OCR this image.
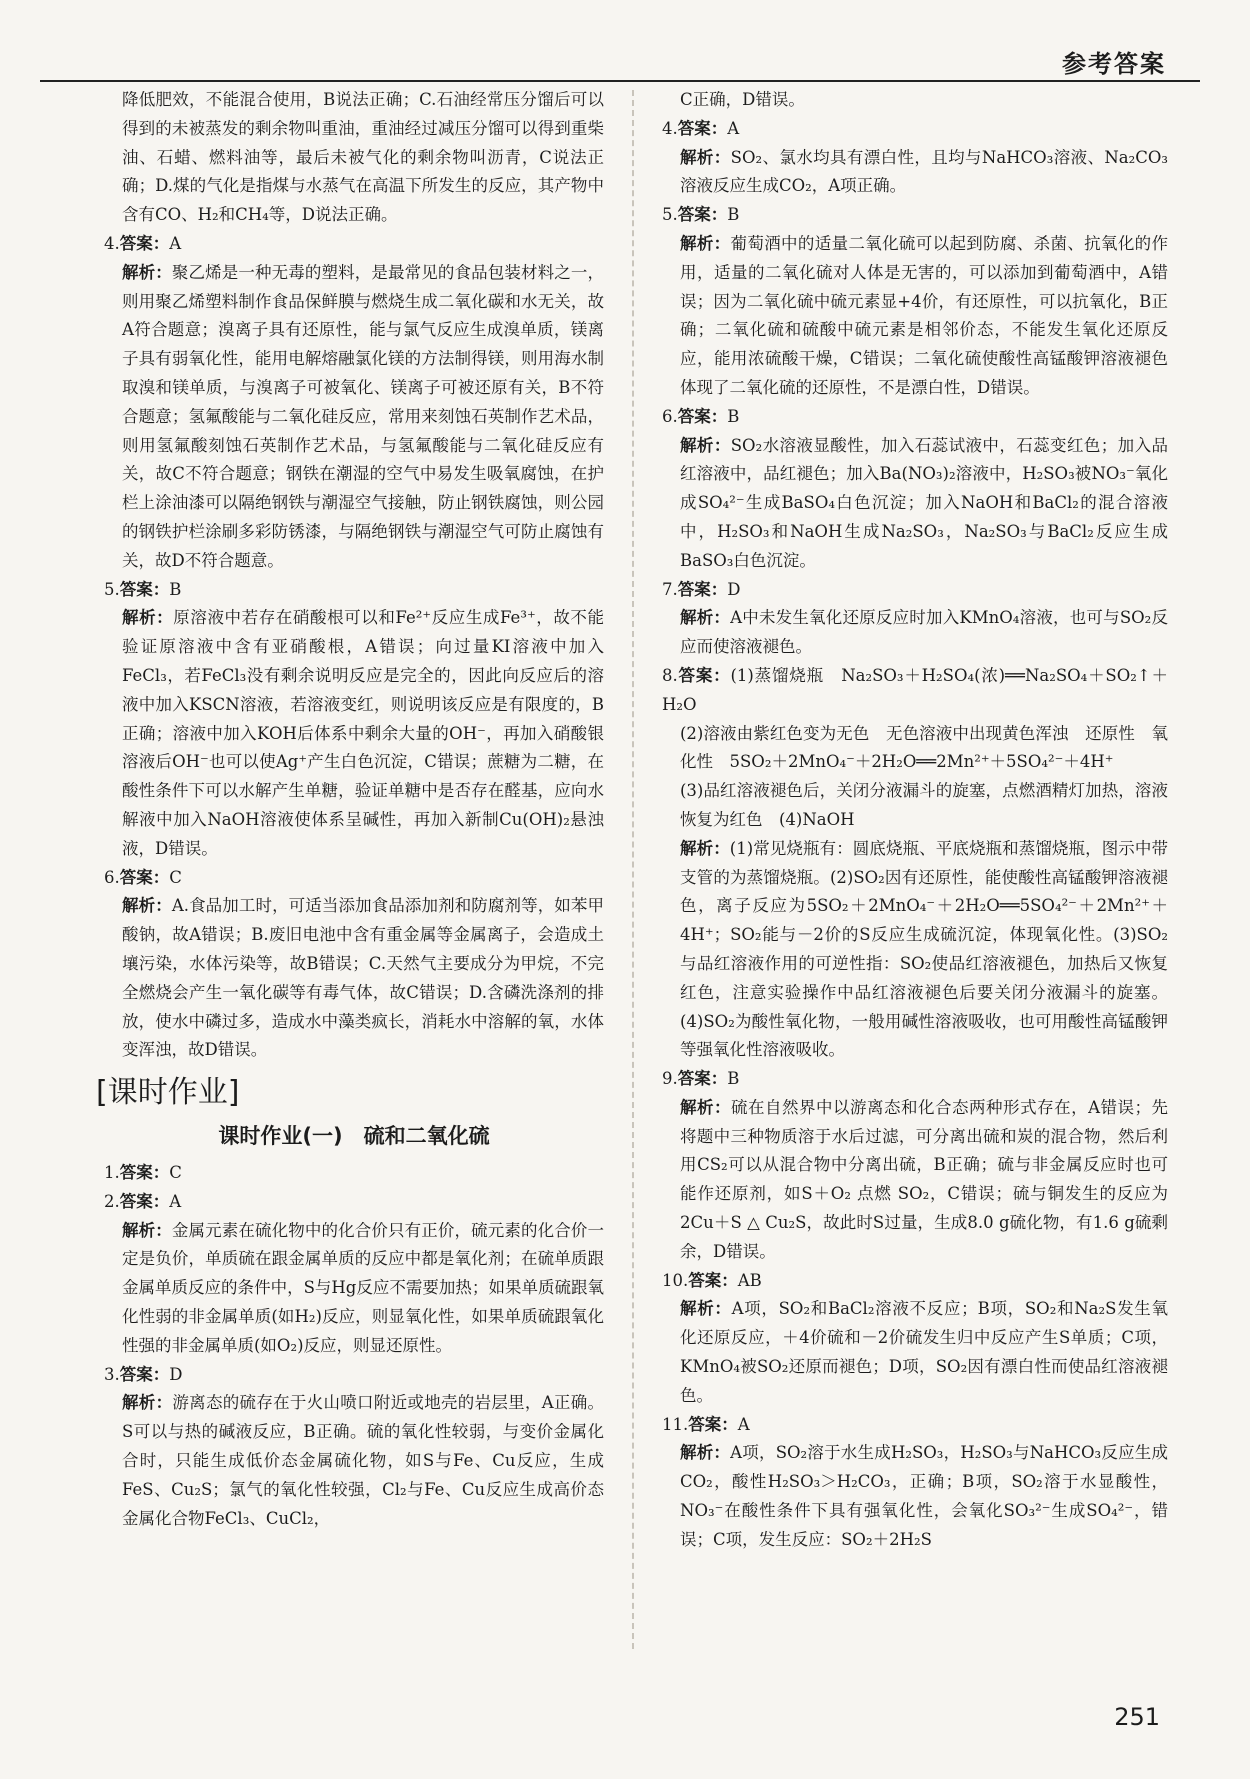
参考答案

降低肥效，不能混合使用，B说法正确；C.石油经常压分馏后可以得到的未被蒸发的剩余物叫重油，重油经过减压分馏可以得到重柴油、石蜡、燃料油等，最后未被气化的剩余物叫沥青，C说法正确；D.煤的气化是指煤与水蒸气在高温下所发生的反应，其产物中含有CO、H₂和CH₄等，D说法正确。

4.答案：A

解析：聚乙烯是一种无毒的塑料，是最常见的食品包装材料之一，则用聚乙烯塑料制作食品保鲜膜与燃烧生成二氧化碳和水无关，故A符合题意；溴离子具有还原性，能与氯气反应生成溴单质，镁离子具有弱氧化性，能用电解熔融氯化镁的方法制得镁，则用海水制取溴和镁单质，与溴离子可被氧化、镁离子可被还原有关，B不符合题意；氢氟酸能与二氧化硅反应，常用来刻蚀石英制作艺术品，则用氢氟酸刻蚀石英制作艺术品，与氢氟酸能与二氧化硅反应有关，故C不符合题意；钢铁在潮湿的空气中易发生吸氧腐蚀，在护栏上涂油漆可以隔绝钢铁与潮湿空气接触，防止钢铁腐蚀，则公园的钢铁护栏涂刷多彩防锈漆，与隔绝钢铁与潮湿空气可防止腐蚀有关，故D不符合题意。

5.答案：B

解析：原溶液中若存在硝酸根可以和Fe²⁺反应生成Fe³⁺，故不能验证原溶液中含有亚硝酸根，A错误；向过量KI溶液中加入FeCl₃，若FeCl₃没有剩余说明反应是完全的，因此向反应后的溶液中加入KSCN溶液，若溶液变红，则说明该反应是有限度的，B正确；溶液中加入KOH后体系中剩余大量的OH⁻，再加入硝酸银溶液后OH⁻也可以使Ag⁺产生白色沉淀，C错误；蔗糖为二糖，在酸性条件下可以水解产生单糖，验证单糖中是否存在醛基，应向水解液中加入NaOH溶液使体系呈碱性，再加入新制Cu(OH)₂悬浊液，D错误。

6.答案：C

解析：A.食品加工时，可适当添加食品添加剂和防腐剂等，如苯甲酸钠，故A错误；B.废旧电池中含有重金属等金属离子，会造成土壤污染，水体污染等，故B错误；C.天然气主要成分为甲烷，不完全燃烧会产生一氧化碳等有毒气体，故C错误；D.含磷洗涤剂的排放，使水中磷过多，造成水中藻类疯长，消耗水中溶解的氧，水体变浑浊，故D错误。

[课时作业]
课时作业(一)　硫和二氧化硫

1.答案：C

2.答案：A

解析：金属元素在硫化物中的化合价只有正价，硫元素的化合价一定是负价，单质硫在跟金属单质的反应中都是氧化剂；在硫单质跟金属单质反应的条件中，S与Hg反应不需要加热；如果单质硫跟氧化性弱的非金属单质(如H₂)反应，则显氧化性，如果单质硫跟氧化性强的非金属单质(如O₂)反应，则显还原性。

3.答案：D

解析：游离态的硫存在于火山喷口附近或地壳的岩层里，A正确。S可以与热的碱液反应，B正确。硫的氧化性较弱，与变价金属化合时，只能生成低价态金属硫化物，如S与Fe、Cu反应，生成FeS、Cu₂S；氯气的氧化性较强，Cl₂与Fe、Cu反应生成高价态金属化合物FeCl₃、CuCl₂，

C正确，D错误。

4.答案：A

解析：SO₂、氯水均具有漂白性，且均与NaHCO₃溶液、Na₂CO₃溶液反应生成CO₂，A项正确。

5.答案：B

解析：葡萄酒中的适量二氧化硫可以起到防腐、杀菌、抗氧化的作用，适量的二氧化硫对人体是无害的，可以添加到葡萄酒中，A错误；因为二氧化硫中硫元素显+4价，有还原性，可以抗氧化，B正确；二氧化硫和硫酸中硫元素是相邻价态，不能发生氧化还原反应，能用浓硫酸干燥，C错误；二氧化硫使酸性高锰酸钾溶液褪色体现了二氧化硫的还原性，不是漂白性，D错误。

6.答案：B

解析：SO₂水溶液显酸性，加入石蕊试液中，石蕊变红色；加入品红溶液中，品红褪色；加入Ba(NO₃)₂溶液中，H₂SO₃被NO₃⁻氧化成SO₄²⁻生成BaSO₄白色沉淀；加入NaOH和BaCl₂的混合溶液中，H₂SO₃和NaOH生成Na₂SO₃，Na₂SO₃与BaCl₂反应生成BaSO₃白色沉淀。

7.答案：D

解析：A中未发生氧化还原反应时加入KMnO₄溶液，也可与SO₂反应而使溶液褪色。

8.答案：(1)蒸馏烧瓶　Na₂SO₃＋H₂SO₄(浓)══Na₂SO₄＋SO₂↑＋H₂O

(2)溶液由紫红色变为无色　无色溶液中出现黄色浑浊　还原性　氧化性　5SO₂＋2MnO₄⁻＋2H₂O══2Mn²⁺＋5SO₄²⁻＋4H⁺

(3)品红溶液褪色后，关闭分液漏斗的旋塞，点燃酒精灯加热，溶液恢复为红色　(4)NaOH

解析：(1)常见烧瓶有：圆底烧瓶、平底烧瓶和蒸馏烧瓶，图示中带支管的为蒸馏烧瓶。(2)SO₂因有还原性，能使酸性高锰酸钾溶液褪色，离子反应为5SO₂＋2MnO₄⁻＋2H₂O══5SO₄²⁻＋2Mn²⁺＋4H⁺；SO₂能与－2价的S反应生成硫沉淀，体现氧化性。(3)SO₂与品红溶液作用的可逆性指：SO₂使品红溶液褪色，加热后又恢复红色，注意实验操作中品红溶液褪色后要关闭分液漏斗的旋塞。(4)SO₂为酸性氧化物，一般用碱性溶液吸收，也可用酸性高锰酸钾等强氧化性溶液吸收。

9.答案：B

解析：硫在自然界中以游离态和化合态两种形式存在，A错误；先将题中三种物质溶于水后过滤，可分离出硫和炭的混合物，然后利用CS₂可以从混合物中分离出硫，B正确；硫与非金属反应时也可能作还原剂，如S＋O₂ 点燃 SO₂，C错误；硫与铜发生的反应为2Cu＋S △ Cu₂S，故此时S过量，生成8.0 g硫化物，有1.6 g硫剩余，D错误。

10.答案：AB

解析：A项，SO₂和BaCl₂溶液不反应；B项，SO₂和Na₂S发生氧化还原反应，＋4价硫和－2价硫发生归中反应产生S单质；C项，KMnO₄被SO₂还原而褪色；D项，SO₂因有漂白性而使品红溶液褪色。

11.答案：A

解析：A项，SO₂溶于水生成H₂SO₃，H₂SO₃与NaHCO₃反应生成CO₂，酸性H₂SO₃＞H₂CO₃，正确；B项，SO₂溶于水显酸性，NO₃⁻在酸性条件下具有强氧化性，会氧化SO₃²⁻生成SO₄²⁻，错误；C项，发生反应：SO₂＋2H₂S

251
